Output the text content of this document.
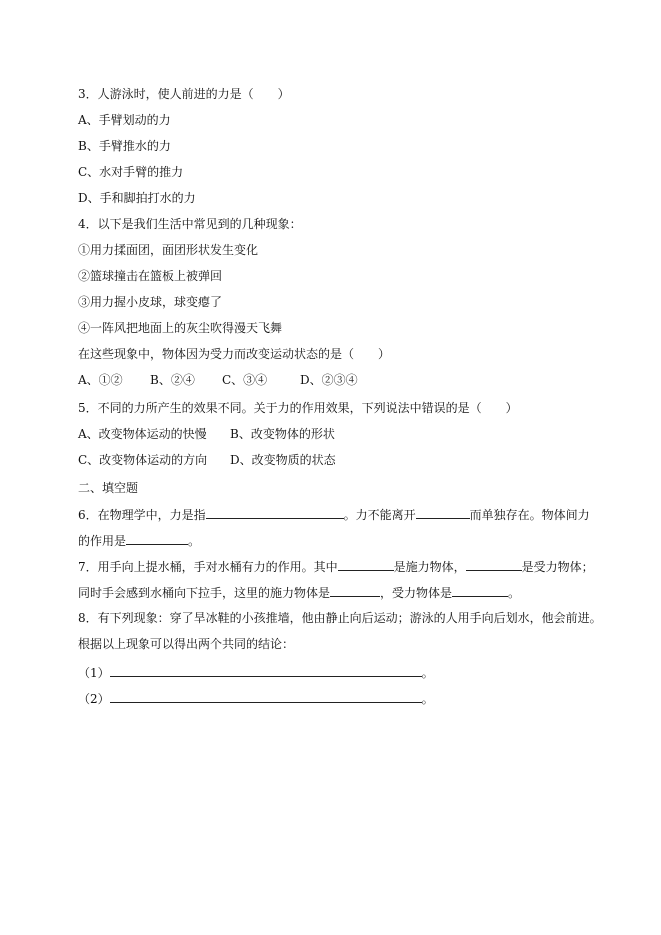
3．人游泳时，使人前进的力是（　　）
A、手臂划动的力
B、手臂推水的力
C、水对手臂的推力
D、手和脚拍打水的力
4．以下是我们生活中常见到的几种现象：
①用力揉面团，面团形状发生变化
②篮球撞击在篮板上被弹回
③用力握小皮球，球变瘪了
④一阵风把地面上的灰尘吹得漫天飞舞
在这些现象中，物体因为受力而改变运动状态的是（　　）
A、①② B、②④ C、③④	D、②③④
5．不同的力所产生的效果不同。关于力的作用效果，下列说法中错误的是（　　）
A、改变物体运动的快慢 B、改变物体的形状
C、改变物体运动的方向 D、改变物质的状态
二、填空题
6．在物理学中，力是指	。力不能离开	而单独存在。物体间力
的作用是	。
7．用手向上提水桶，手对水桶有力的作用。其中	是施力物体，	是受力物体；
同时手会感到水桶向下拉手，这里的施力物体是	，受力物体是	。
8．有下列现象：穿了旱冰鞋的小孩推墙，他由静止向后运动；游泳的人用手向后划水，他会前进。
根据以上现象可以得出两个共同的结论：
（1）	。
（2）	。
